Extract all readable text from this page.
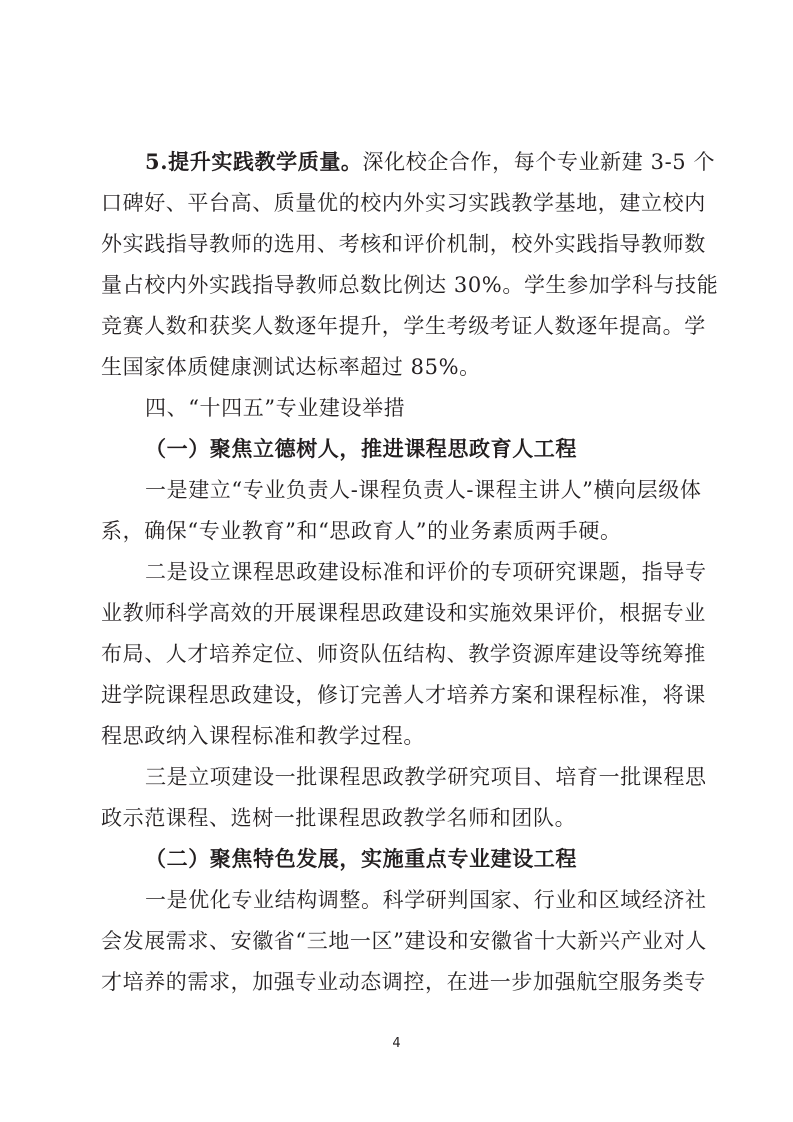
5.提升实践教学质量。深化校企合作，每个专业新建 3-5 个
口碑好、平台高、质量优的校内外实习实践教学基地，建立校内
外实践指导教师的选用、考核和评价机制，校外实践指导教师数
量占校内外实践指导教师总数比例达 30%。学生参加学科与技能
竞赛人数和获奖人数逐年提升，学生考级考证人数逐年提高。学
生国家体质健康测试达标率超过 85%。
四、“十四五”专业建设举措
（一）聚焦立德树人，推进课程思政育人工程
一是建立“专业负责人-课程负责人-课程主讲人”横向层级体
系，确保“专业教育”和“思政育人”的业务素质两手硬。
二是设立课程思政建设标准和评价的专项研究课题，指导专
业教师科学高效的开展课程思政建设和实施效果评价，根据专业
布局、人才培养定位、师资队伍结构、教学资源库建设等统筹推
进学院课程思政建设，修订完善人才培养方案和课程标准，将课
程思政纳入课程标准和教学过程。
三是立项建设一批课程思政教学研究项目、培育一批课程思
政示范课程、选树一批课程思政教学名师和团队。
（二）聚焦特色发展，实施重点专业建设工程
一是优化专业结构调整。科学研判国家、行业和区域经济社
会发展需求、安徽省“三地一区”建设和安徽省十大新兴产业对人
才培养的需求，加强专业动态调控，在进一步加强航空服务类专
4
